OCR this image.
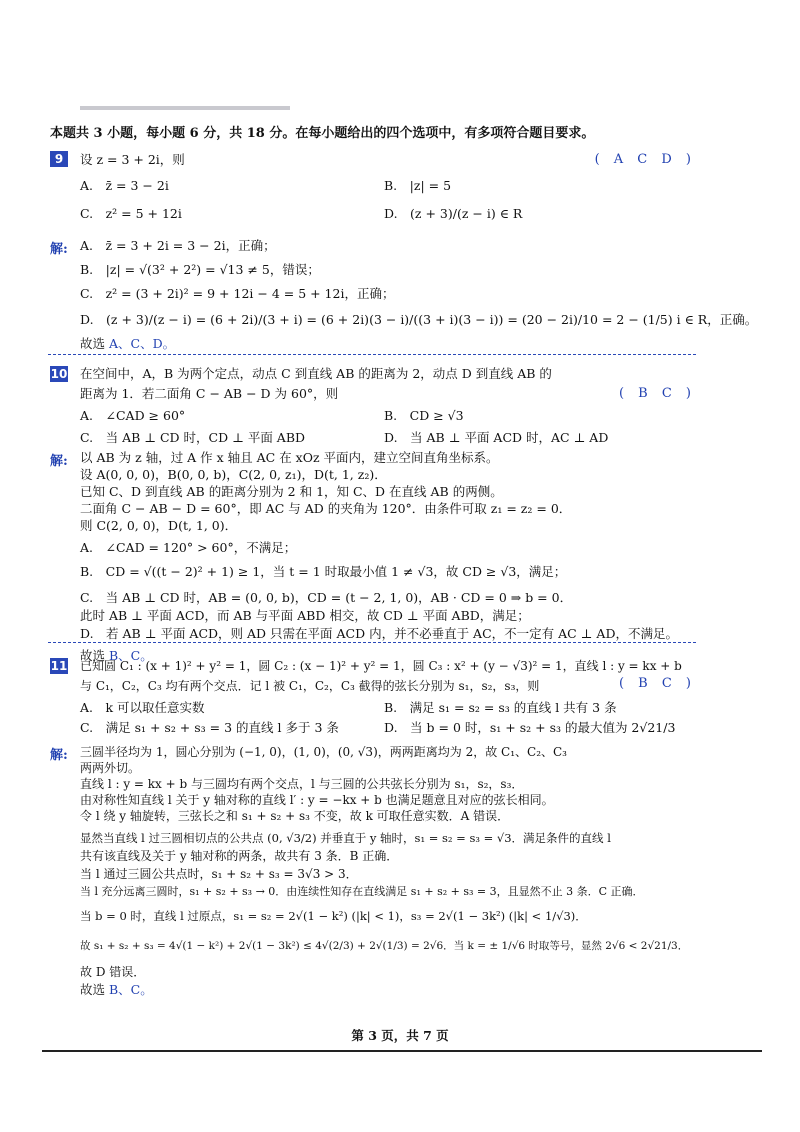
本题共 3 小题，每小题 6 分，共 18 分。在每小题给出的四个选项中，有多项符合题目要求。
9	设 z = 3 + 2i，则	( A C D )
A.　z̄ = 3 − 2i	B.　|z| = 5
C.　z² = 5 + 12i	D.　(z + 3)/(z − i) ∈ R
解: A.　z̄ = 3 + 2i = 3 − 2i，正确；
B.　|z| = √(3² + 2²) = √13 ≠ 5，错误；
C.　z² = (3 + 2i)² = 9 + 12i − 4 = 5 + 12i，正确；
D.　(z + 3)/(z − i) = (6 + 2i)/(3 + i) = (6 + 2i)(3 − i)/((3 + i)(3 − i)) = (20 − 2i)/10 = 2 − (1/5) i ∈ R，正确。
故选 A、C、D。
10 在空间中，A，B 为两个定点，动点 C 到直线 AB 的距离为 2，动点 D 到直线 AB 的
距离为 1．若二面角 C − AB − D 为 60°，则	( B C )
A.　∠CAD ≥ 60°	B.　CD ≥ √3
C.　当 AB ⊥ CD 时，CD ⊥ 平面 ABD	D.　当 AB ⊥ 平面 ACD 时，AC ⊥ AD
解: 以 AB 为 z 轴，过 A 作 x 轴且 AC 在 xOz 平面内，建立空间直角坐标系。
设 A(0, 0, 0)，B(0, 0, b)，C(2, 0, z₁)，D(t, 1, z₂)．
已知 C、D 到直线 AB 的距离分别为 2 和 1，知 C、D 在直线 AB 的两侧。
二面角 C − AB − D = 60°，即 AC 与 AD 的夹角为 120°．由条件可取 z₁ = z₂ = 0．
则 C(2, 0, 0)，D(t, 1, 0)．
A.　∠CAD = 120° > 60°，不满足；
B.　CD = √((t − 2)² + 1) ≥ 1，当 t = 1 时取最小值 1 ≠ √3，故 CD ≥ √3，满足；
C.　当 AB ⊥ CD 时，AB = (0, 0, b)，CD = (t − 2, 1, 0)，AB · CD = 0 ⇒ b = 0．
此时 AB ⊥ 平面 ACD，而 AB 与平面 ABD 相交，故 CD ⊥ 平面 ABD，满足；
D.　若 AB ⊥ 平面 ACD，则 AD 只需在平面 ACD 内，并不必垂直于 AC，不一定有 AC ⊥ AD，不满足。
故选 B、C。
11 已知圆 C₁ : (x + 1)² + y² = 1，圆 C₂ : (x − 1)² + y² = 1，圆 C₃ : x² + (y − √3)² = 1，直线 l : y = kx + b
与 C₁，C₂，C₃ 均有两个交点．记 l 被 C₁，C₂，C₃ 截得的弦长分别为 s₁，s₂，s₃，则	( B C )
A.　k 可以取任意实数	B.　满足 s₁ = s₂ = s₃ 的直线 l 共有 3 条
C.　满足 s₁ + s₂ + s₃ = 3 的直线 l 多于 3 条	D.　当 b = 0 时，s₁ + s₂ + s₃ 的最大值为 2√21/3
解: 三圆半径均为 1，圆心分别为 (−1, 0)，(1, 0)，(0, √3)，两两距离均为 2，故 C₁、C₂、C₃
两两外切。
直线 l : y = kx + b 与三圆均有两个交点，l 与三圆的公共弦长分别为 s₁，s₂，s₃．
由对称性知直线 l 关于 y 轴对称的直线 l′ : y = −kx + b 也满足题意且对应的弦长相同。
令 l 绕 y 轴旋转，三弦长之和 s₁ + s₂ + s₃ 不变，故 k 可取任意实数．A 错误．
显然当直线 l 过三圆相切点的公共点 (0, √3/2) 并垂直于 y 轴时，s₁ = s₂ = s₃ = √3．满足条件的直线 l
共有该直线及关于 y 轴对称的两条，故共有 3 条．B 正确．
当 l 通过三圆公共点时，s₁ + s₂ + s₃ = 3√3 > 3．
当 l 充分远离三圆时，s₁ + s₂ + s₃ → 0．由连续性知存在直线满足 s₁ + s₂ + s₃ = 3，且显然不止 3 条．C 正确．
当 b = 0 时，直线 l 过原点，s₁ = s₂ = 2√(1 − k²) (|k| < 1)，s₃ = 2√(1 − 3k²) (|k| < 1/√3)．
故 s₁ + s₂ + s₃ = 4√(1 − k²) + 2√(1 − 3k²) ≤ 4√(2/3) + 2√(1/3) = 2√6．当 k = ± 1/√6 时取等号，显然 2√6 < 2√21/3．
故 D 错误．
故选 B、C。
第 3 页，共 7 页
